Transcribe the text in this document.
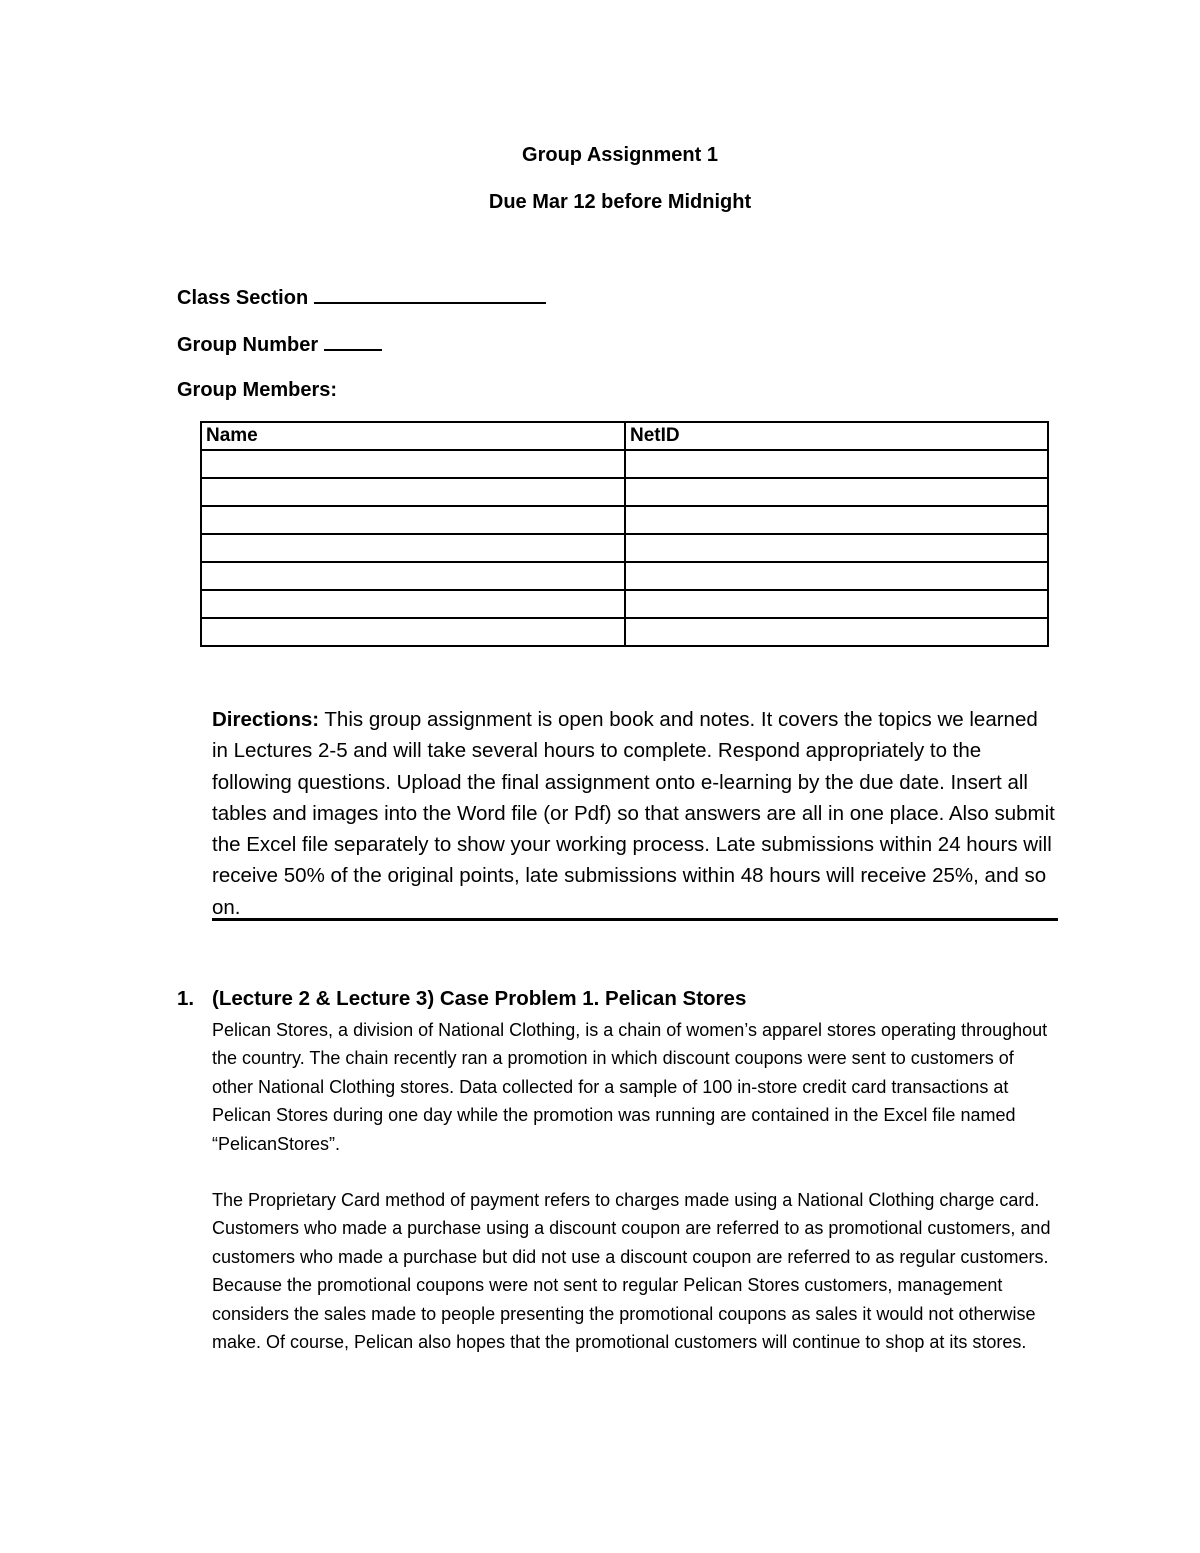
Group Assignment 1
Due Mar 12 before Midnight
Class Section
Group Number
Group Members:
Name	NetID

Directions: This group assignment is open book and notes. It covers the topics we learned in Lectures 2-5 and will take several hours to complete. Respond appropriately to the following questions. Upload the final assignment onto e-learning by the due date. Insert all tables and images into the Word file (or Pdf) so that answers are all in one place. Also submit the Excel file separately to show your working process. Late submissions within 24 hours will receive 50% of the original points, late submissions within 48 hours will receive 25%, and so on.
1. (Lecture 2 & Lecture 3) Case Problem 1. Pelican Stores
Pelican Stores, a division of National Clothing, is a chain of women’s apparel stores operating throughout the country. The chain recently ran a promotion in which discount coupons were sent to customers of other National Clothing stores. Data collected for a sample of 100 in-store credit card transactions at Pelican Stores during one day while the promotion was running are contained in the Excel file named “PelicanStores”.
The Proprietary Card method of payment refers to charges made using a National Clothing charge card. Customers who made a purchase using a discount coupon are referred to as promotional customers, and customers who made a purchase but did not use a discount coupon are referred to as regular customers. Because the promotional coupons were not sent to regular Pelican Stores customers, management considers the sales made to people presenting the promotional coupons as sales it would not otherwise make. Of course, Pelican also hopes that the promotional customers will continue to shop at its stores.
